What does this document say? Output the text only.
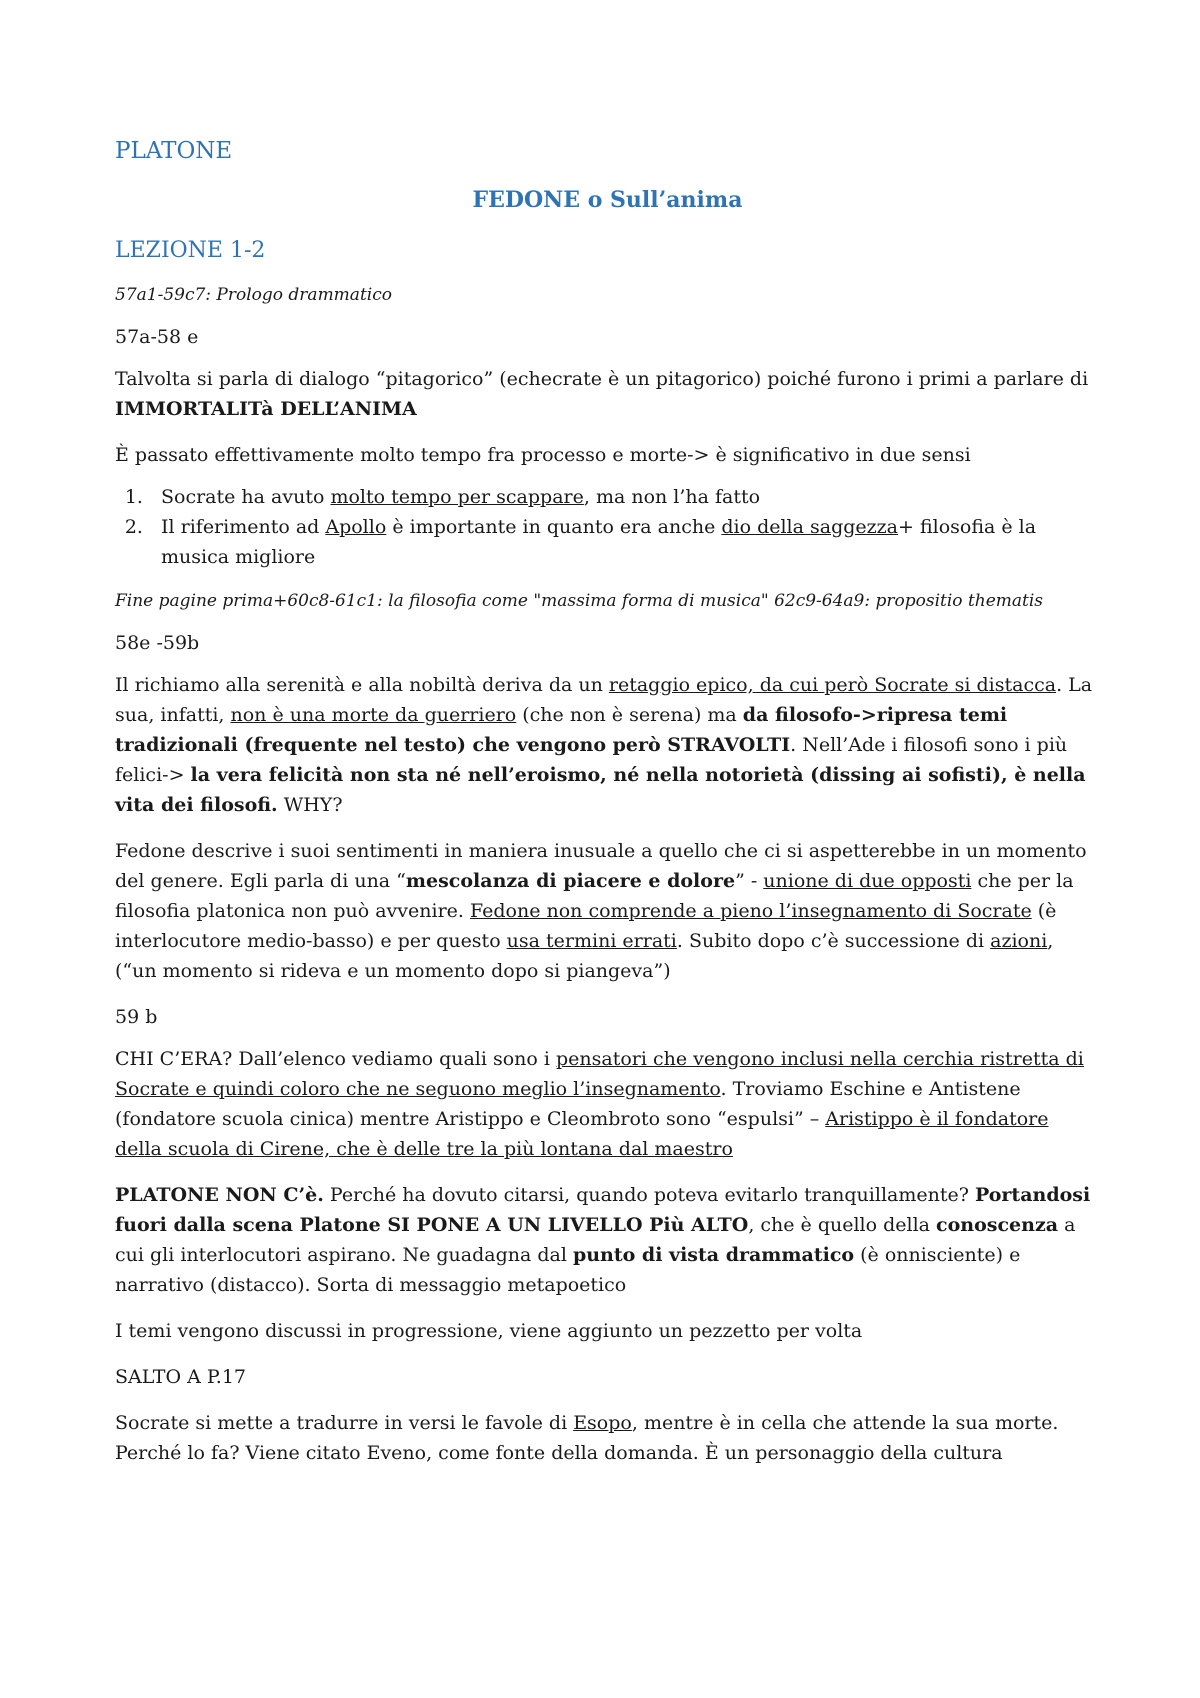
PLATONE
FEDONE o Sull’anima
LEZIONE 1-2

57a1-59c7: Prologo drammatico

57a-58 e

Talvolta si parla di dialogo “pitagorico” (echecrate è un pitagorico) poiché furono i primi a parlare di IMMORTALITà DELL’ANIMA

È passato effettivamente molto tempo fra processo e morte-> è significativo in due sensi

1. Socrate ha avuto molto tempo per scappare, ma non l’ha fatto
2. Il riferimento ad Apollo è importante in quanto era anche dio della saggezza+ filosofia è la musica migliore

Fine pagine prima+60c8-61c1: la filosofia come "massima forma di musica" 62c9-64a9: propositio thematis

58e -59b

Il richiamo alla serenità e alla nobiltà deriva da un retaggio epico, da cui però Socrate si distacca. La sua, infatti, non è una morte da guerriero (che non è serena) ma da filosofo->ripresa temi tradizionali (frequente nel testo) che vengono però STRAVOLTI. Nell’Ade i filosofi sono i più felici-> la vera felicità non sta né nell’eroismo, né nella notorietà (dissing ai sofisti), è nella vita dei filosofi. WHY?

Fedone descrive i suoi sentimenti in maniera inusuale a quello che ci si aspetterebbe in un momento del genere. Egli parla di una “mescolanza di piacere e dolore” - unione di due opposti che per la filosofia platonica non può avvenire. Fedone non comprende a pieno l’insegnamento di Socrate (è interlocutore medio-basso) e per questo usa termini errati. Subito dopo c’è successione di azioni, (“un momento si rideva e un momento dopo si piangeva”)

59 b

CHI C’ERA? Dall’elenco vediamo quali sono i pensatori che vengono inclusi nella cerchia ristretta di Socrate e quindi coloro che ne seguono meglio l’insegnamento. Troviamo Eschine e Antistene (fondatore scuola cinica) mentre Aristippo e Cleombroto sono “espulsi” – Aristippo è il fondatore della scuola di Cirene, che è delle tre la più lontana dal maestro

PLATONE NON C’è. Perché ha dovuto citarsi, quando poteva evitarlo tranquillamente? Portandosi fuori dalla scena Platone SI PONE A UN LIVELLO Più ALTO, che è quello della conoscenza a cui gli interlocutori aspirano. Ne guadagna dal punto di vista drammatico (è onnisciente) e narrativo (distacco). Sorta di messaggio metapoetico

I temi vengono discussi in progressione, viene aggiunto un pezzetto per volta

SALTO A P.17

Socrate si mette a tradurre in versi le favole di Esopo, mentre è in cella che attende la sua morte. Perché lo fa? Viene citato Eveno, come fonte della domanda. È un personaggio della cultura
